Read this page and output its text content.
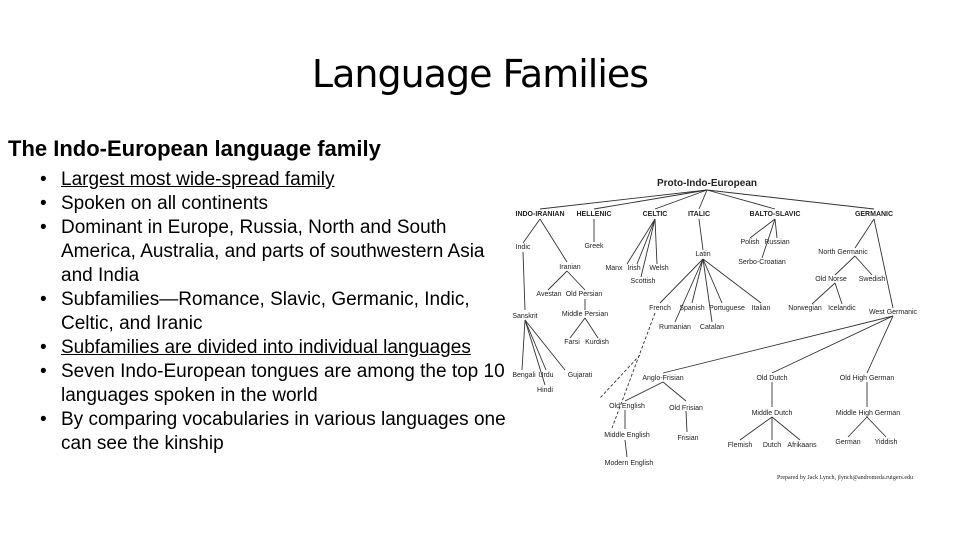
Language Families
The Indo-European language family
• Largest most wide-spread family
• Spoken on all continents
• Dominant in Europe, Russia, North and South America, Australia, and parts of southwestern Asia and India
• Subfamilies—Romance, Slavic, Germanic, Indic, Celtic, and Iranic
• Subfamilies are divided into individual languages
• Seven Indo-European tongues are among the top 10 languages spoken in the world
• By comparing vocabularies in various languages one can see the kinship
Proto-Indo-European
INDO-IRANIAN HELLENIC	CELTIC	ITALIC	BALTO-SLAVIC	GERMANIC
Indic	Greek
Iranian	Manx Irish Welsh
Scottish
Latin
Polish Russian
Serbo-Croatian
North Germanic
Old Norse Swedish
Avestan Old Persian
Sanskrit	Middle Persian
Farsi Kurdish
French Spanish Portuguese Italian
Rumanian Catalan
Norwegian Icelandic
West Germanic
Bengali Urdu Gujarati
Hindi
Anglo-Frisian	Old Dutch	Old High German
Old English	Old Frisian
Middle Dutch	Middle High German
Middle English	Frisian
Flemish Dutch Afrikaans	German Yiddish
Modern English
Prepared by Jack Lynch, jlynch@andromeda.rutgers.edu
